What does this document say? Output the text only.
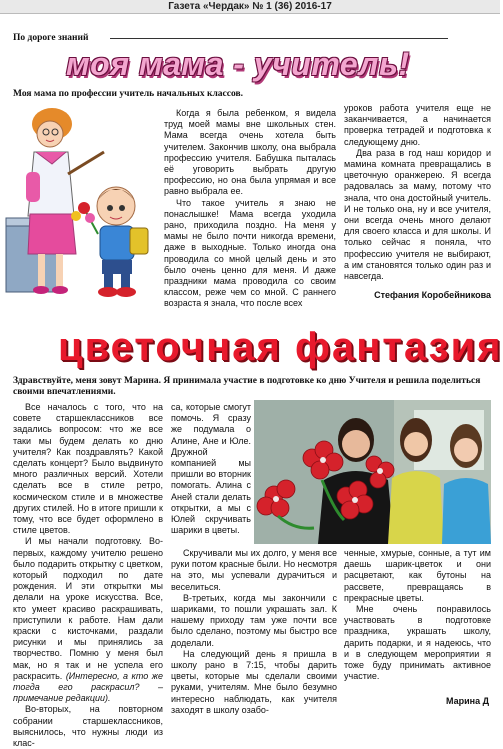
Газета «Чердак» № 1 (36) 2016-17
По дорогe знаний
моя мама - учитель!
Моя мама по профессии учитель начальных классов.

Когда я была ребенком, я видела труд моей мамы вне школьных стен. Мама всегда очень хотела быть учителем. Закончив школу, она выбрала профессию учителя. Бабушка пыталась её уговорить выбрать другую профессию, но она была упрямая и все равно выбрала ее.

Что такое учитель я знаю не понаслышке! Мама всегда уходила рано, приходила поздно. На меня у мамы не было почти никогда времени, даже в выходные. Только иногда она проводила со мной целый день и это было очень ценно для меня. И даже праздники мама проводила со своим классом, реже чем со мной. С раннего возраста я знала, что после всех

уроков работа учителя еще не заканчивается, а начинается проверка тетрадей и подготовка к следующему дню.

Два раза в год наш коридор и мамина комната превращались в цветочную оранжерею. Я всегда радовалась за маму, потому что знала, что она достойный учитель. И не только она, ну и все учителя, они всегда очень много делают для своего класса и для школы. И только сейчас я поняла, что профессию учителя не выбирают, а им становятся только один раз и навсегда.

Стефания Коробейникова
цветочная фантазия
Здравствуйте, меня зовут Марина. Я принимала участие в подготовке ко дню Учителя и решила поделиться своими впечатлениями.

Все началось с того, что на совете старшеклассников все задались вопросом: что же все таки мы будем делать ко дню учителя? Как поздравлять? Какой сделать концерт? Было выдвинуто много различных версий. Хотели сделать все в стиле ретро, космическом стиле и в множестве других стилей. Но в итоге пришли к тому, что все будет оформлено в стиле цветов.

И мы начали подготовку. Во-первых, каждому учителю решено было подарить открытку с цветком, который подходил по дате рождения. И эти открытки мы делали на уроке искусства. Все, кто умеет красиво раскрашивать, приступили к работе. Нам дали краски с кисточками, раздали рисунки и мы принялись за творчество. Помню у меня был мак, но я так и не успела его раскрасить. (Интересно, а кто же тогда его раскрасил? – примечание редакции).

Во-вторых, на повторном собрании старшеклассников, выяснилось, что нужны люди из клас-

са, которые смогут помочь. Я сразу же подумала о Алине, Ане и Юле. Дружной компанией мы пришли во вторник помогать. Алина с Аней стали делать открытки, а мы с Юлей скручивать шарики в цветы.

Скручивали мы их долго, у меня все руки потом красные были. Но несмотря на это, мы успевали дурачиться и веселиться.

В-третьих, когда мы закончили с шариками, то пошли украшать зал. К нашему приходу там уже почти все было сделано, поэтому мы быстро все доделали.

На следующий день я пришла в школу рано в 7:15, чтобы дарить цветы, которые мы сделали своими руками, учителям. Мне было безумно интересно наблюдать, как учителя заходят в школу озабо-

ченные, хмурые, сонные, а тут им даешь шарик-цветок и они расцветают, как бутоны на рассвете, превращаясь в прекрасные цветы.

Мне очень понравилось участвовать в подготовке праздника, украшать школу, дарить подарки, и я надеюсь, что и в следующем мероприятии я тоже буду принимать активное участие.

Марина Д
